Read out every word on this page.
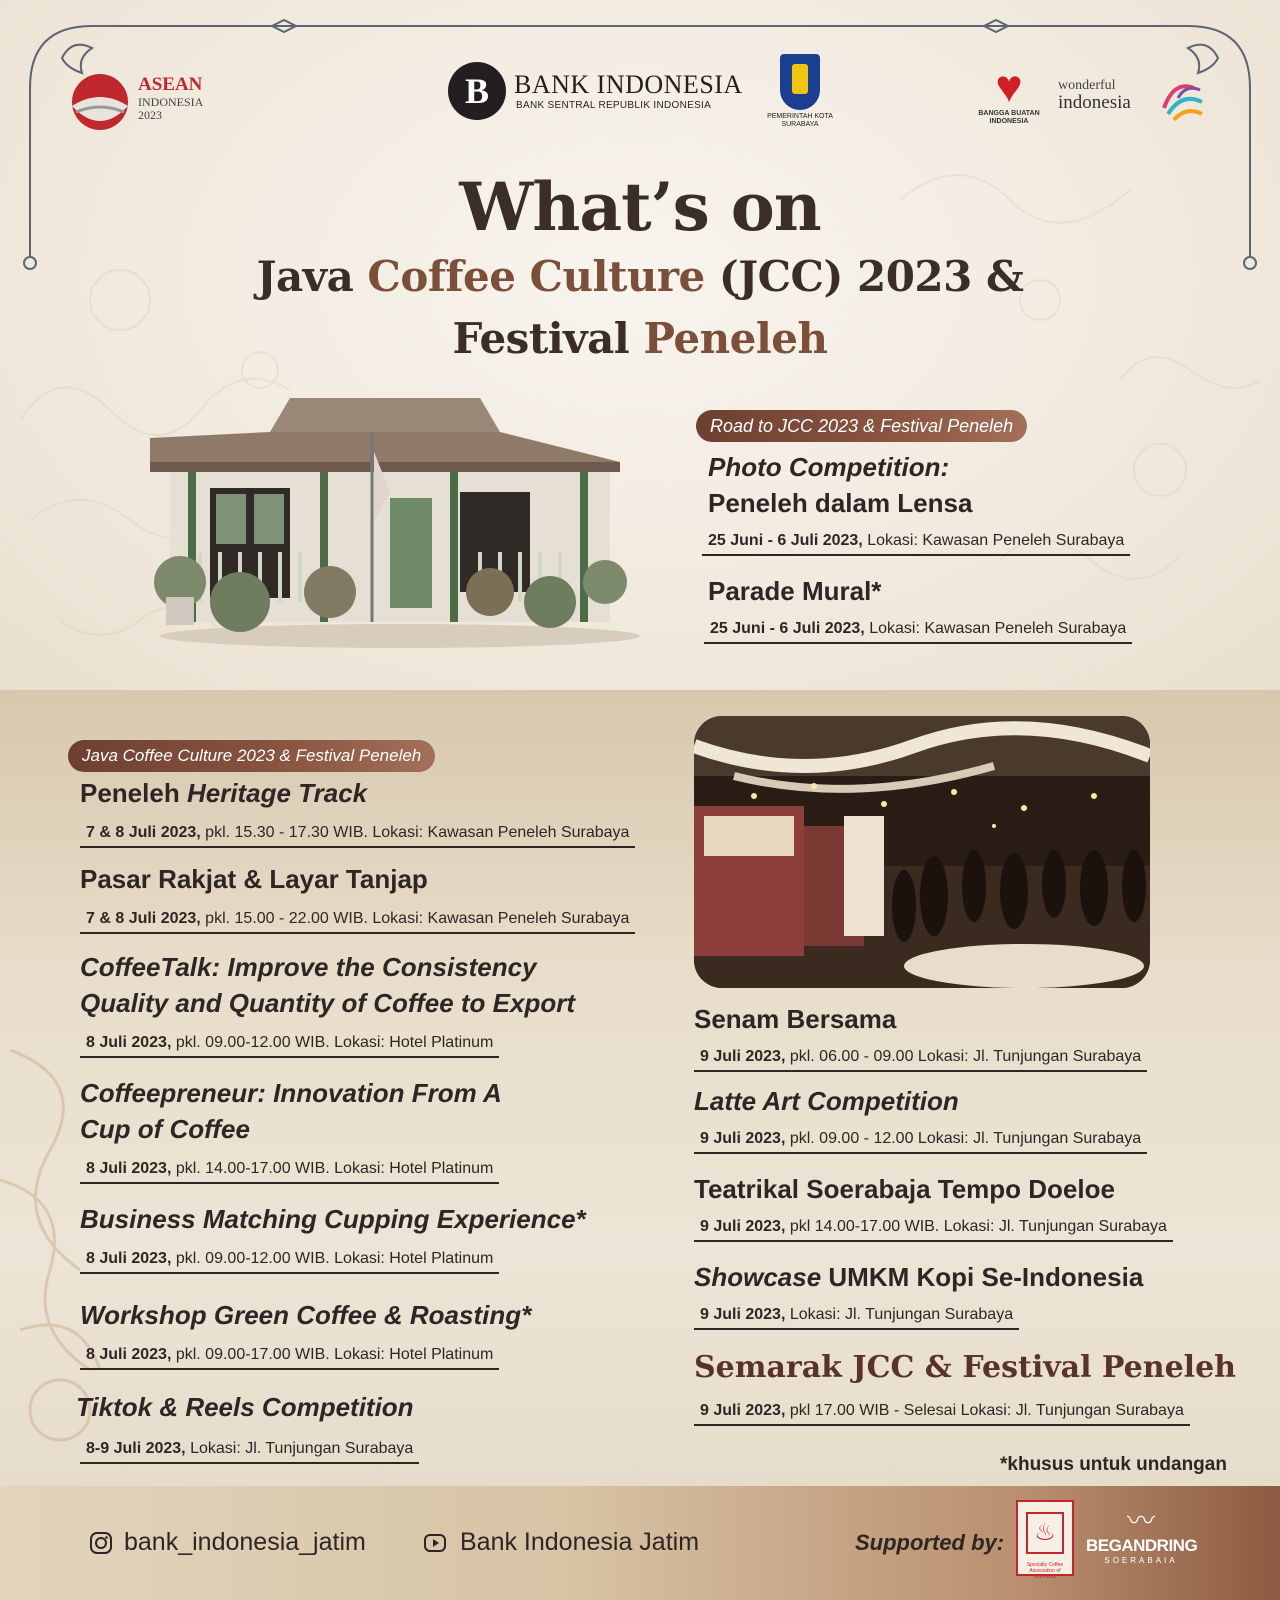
ASEAN
INDONESIA
2023
B BANK INDONESIA
BANK SENTRAL REPUBLIK INDONESIA
PEMERINTAH KOTA SURABAYA
♥
BANGGA BUATAN INDONESIA
wonderful
indonesia
What’s on
Java Coffee Culture (JCC) 2023 &
Festival Peneleh
Road to JCC 2023 & Festival Peneleh
Photo Competition:
Peneleh dalam Lensa
25 Juni - 6 Juli 2023, Lokasi: Kawasan Peneleh Surabaya
Parade Mural*
25 Juni - 6 Juli 2023, Lokasi: Kawasan Peneleh Surabaya
Java Coffee Culture 2023 & Festival Peneleh
Peneleh Heritage Track
7 & 8 Juli 2023, pkl. 15.30 - 17.30 WIB. Lokasi: Kawasan Peneleh Surabaya
Pasar Rakjat & Layar Tanjap
7 & 8 Juli 2023, pkl. 15.00 - 22.00 WIB. Lokasi: Kawasan Peneleh Surabaya
CoffeeTalk: Improve the Consistency
Quality and Quantity of Coffee to Export
8 Juli 2023, pkl. 09.00-12.00 WIB. Lokasi: Hotel Platinum
Coffeepreneur: Innovation From A
Cup of Coffee
8 Juli 2023, pkl. 14.00-17.00 WIB. Lokasi: Hotel Platinum
Business Matching Cupping Experience*
8 Juli 2023, pkl. 09.00-12.00 WIB. Lokasi: Hotel Platinum
Workshop Green Coffee & Roasting*
8 Juli 2023, pkl. 09.00-17.00 WIB. Lokasi: Hotel Platinum
Tiktok & Reels Competition
8-9 Juli 2023, Lokasi: Jl. Tunjungan Surabaya
Senam Bersama
9 Juli 2023, pkl. 06.00 - 09.00 Lokasi: Jl. Tunjungan Surabaya
Latte Art Competition
9 Juli 2023, pkl. 09.00 - 12.00 Lokasi: Jl. Tunjungan Surabaya
Teatrikal Soerabaja Tempo Doeloe
9 Juli 2023, pkl 14.00-17.00 WIB. Lokasi: Jl. Tunjungan Surabaya
Showcase UMKM Kopi Se-Indonesia
9 Juli 2023, Lokasi: Jl. Tunjungan Surabaya
Semarak JCC & Festival Peneleh
9 Juli 2023, pkl 17.00 WIB - Selesai Lokasi: Jl. Tunjungan Surabaya
*khusus untuk undangan
bank_indonesia_jatim	Bank Indonesia Jatim	Supported by:	♨
Specialty Coffee Association of Indonesia
〰
BEGANDRING
SOERABAIA
